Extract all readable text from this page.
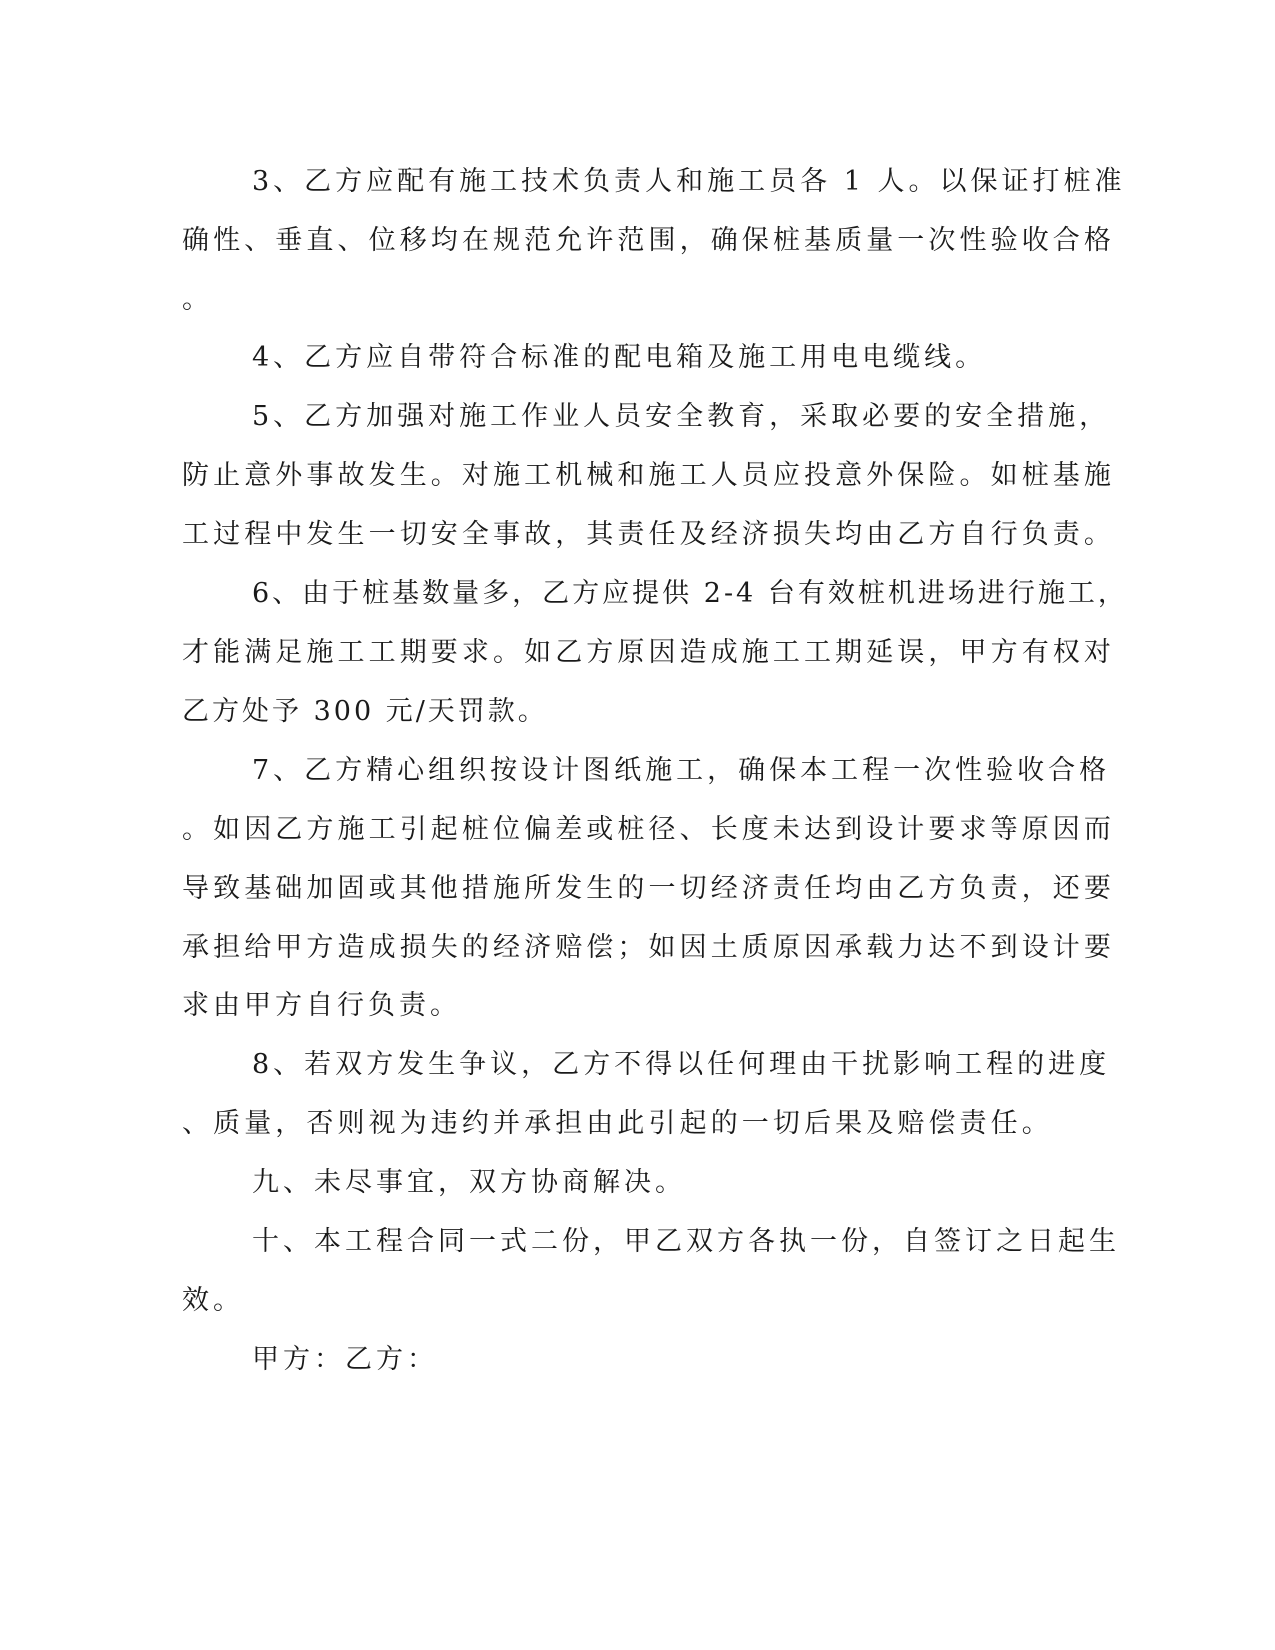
3、乙方应配有施工技术负责人和施工员各 1 人。以保证打桩准
确性、垂直、位移均在规范允许范围，确保桩基质量一次性验收合格
。
4、乙方应自带符合标准的配电箱及施工用电电缆线。
5、乙方加强对施工作业人员安全教育，采取必要的安全措施，
防止意外事故发生。对施工机械和施工人员应投意外保险。如桩基施
工过程中发生一切安全事故，其责任及经济损失均由乙方自行负责。
6、由于桩基数量多，乙方应提供 2-4 台有效桩机进场进行施工，
才能满足施工工期要求。如乙方原因造成施工工期延误，甲方有权对
乙方处予 300 元/天罚款。
7、乙方精心组织按设计图纸施工，确保本工程一次性验收合格
。如因乙方施工引起桩位偏差或桩径、长度未达到设计要求等原因而
导致基础加固或其他措施所发生的一切经济责任均由乙方负责，还要
承担给甲方造成损失的经济赔偿；如因土质原因承载力达不到设计要
求由甲方自行负责。
8、若双方发生争议，乙方不得以任何理由干扰影响工程的进度
、质量，否则视为违约并承担由此引起的一切后果及赔偿责任。
九、未尽事宜，双方协商解决。
十、本工程合同一式二份，甲乙双方各执一份，自签订之日起生
效。
甲方：乙方：
